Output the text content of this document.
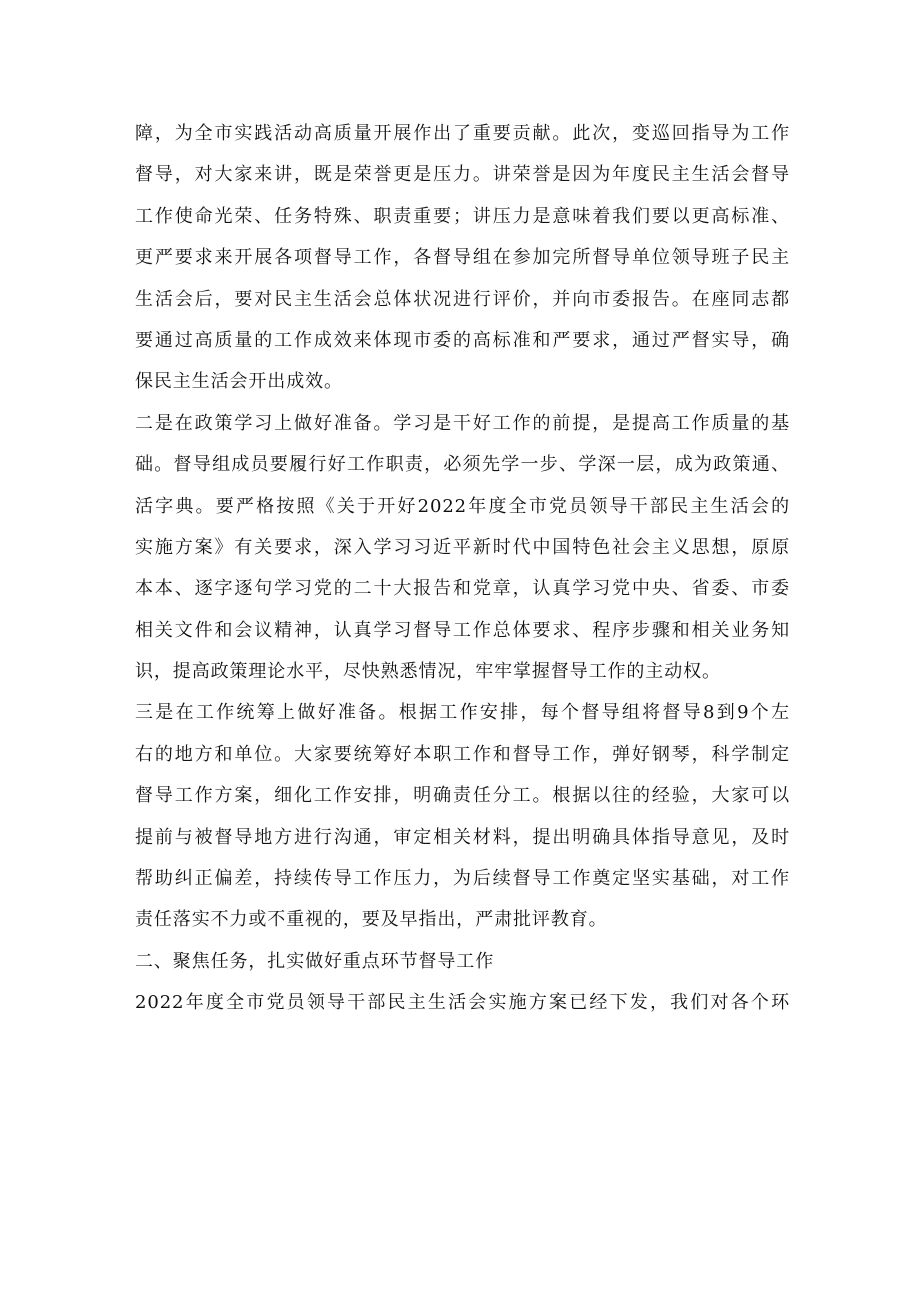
障，为全市实践活动高质量开展作出了重要贡献。此次，变巡回指导为工作
督导，对大家来讲，既是荣誉更是压力。讲荣誉是因为年度民主生活会督导
工作使命光荣、任务特殊、职责重要；讲压力是意味着我们要以更高标准、
更严要求来开展各项督导工作，各督导组在参加完所督导单位领导班子民主
生活会后，要对民主生活会总体状况进行评价，并向市委报告。在座同志都
要通过高质量的工作成效来体现市委的高标准和严要求，通过严督实导，确
保民主生活会开出成效。
二是在政策学习上做好准备。学习是干好工作的前提，是提高工作质量的基
础。督导组成员要履行好工作职责，必须先学一步、学深一层，成为政策通、
活字典。要严格按照《关于开好2022年度全市党员领导干部民主生活会的
实施方案》有关要求，深入学习习近平新时代中国特色社会主义思想，原原
本本、逐字逐句学习党的二十大报告和党章，认真学习党中央、省委、市委
相关文件和会议精神，认真学习督导工作总体要求、程序步骤和相关业务知
识，提高政策理论水平，尽快熟悉情况，牢牢掌握督导工作的主动权。
三是在工作统筹上做好准备。根据工作安排，每个督导组将督导8到9个左
右的地方和单位。大家要统筹好本职工作和督导工作，弹好钢琴，科学制定
督导工作方案，细化工作安排，明确责任分工。根据以往的经验，大家可以
提前与被督导地方进行沟通，审定相关材料，提出明确具体指导意见，及时
帮助纠正偏差，持续传导工作压力，为后续督导工作奠定坚实基础，对工作
责任落实不力或不重视的，要及早指出，严肃批评教育。
二、聚焦任务，扎实做好重点环节督导工作
2022年度全市党员领导干部民主生活会实施方案已经下发，我们对各个环
